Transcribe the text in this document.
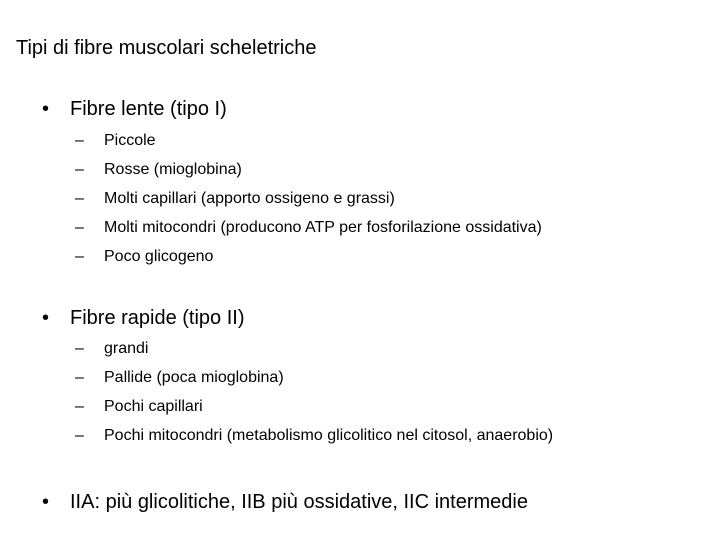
Tipi di fibre muscolari scheletriche
• Fibre lente (tipo I)
– Piccole
– Rosse (mioglobina)
– Molti capillari (apporto ossigeno e grassi)
– Molti mitocondri (producono ATP per fosforilazione ossidativa)
– Poco glicogeno
• Fibre rapide (tipo II)
– grandi
– Pallide (poca mioglobina)
– Pochi capillari
– Pochi mitocondri (metabolismo glicolitico nel citosol, anaerobio)
• IIA: più glicolitiche, IIB più ossidative, IIC intermedie
